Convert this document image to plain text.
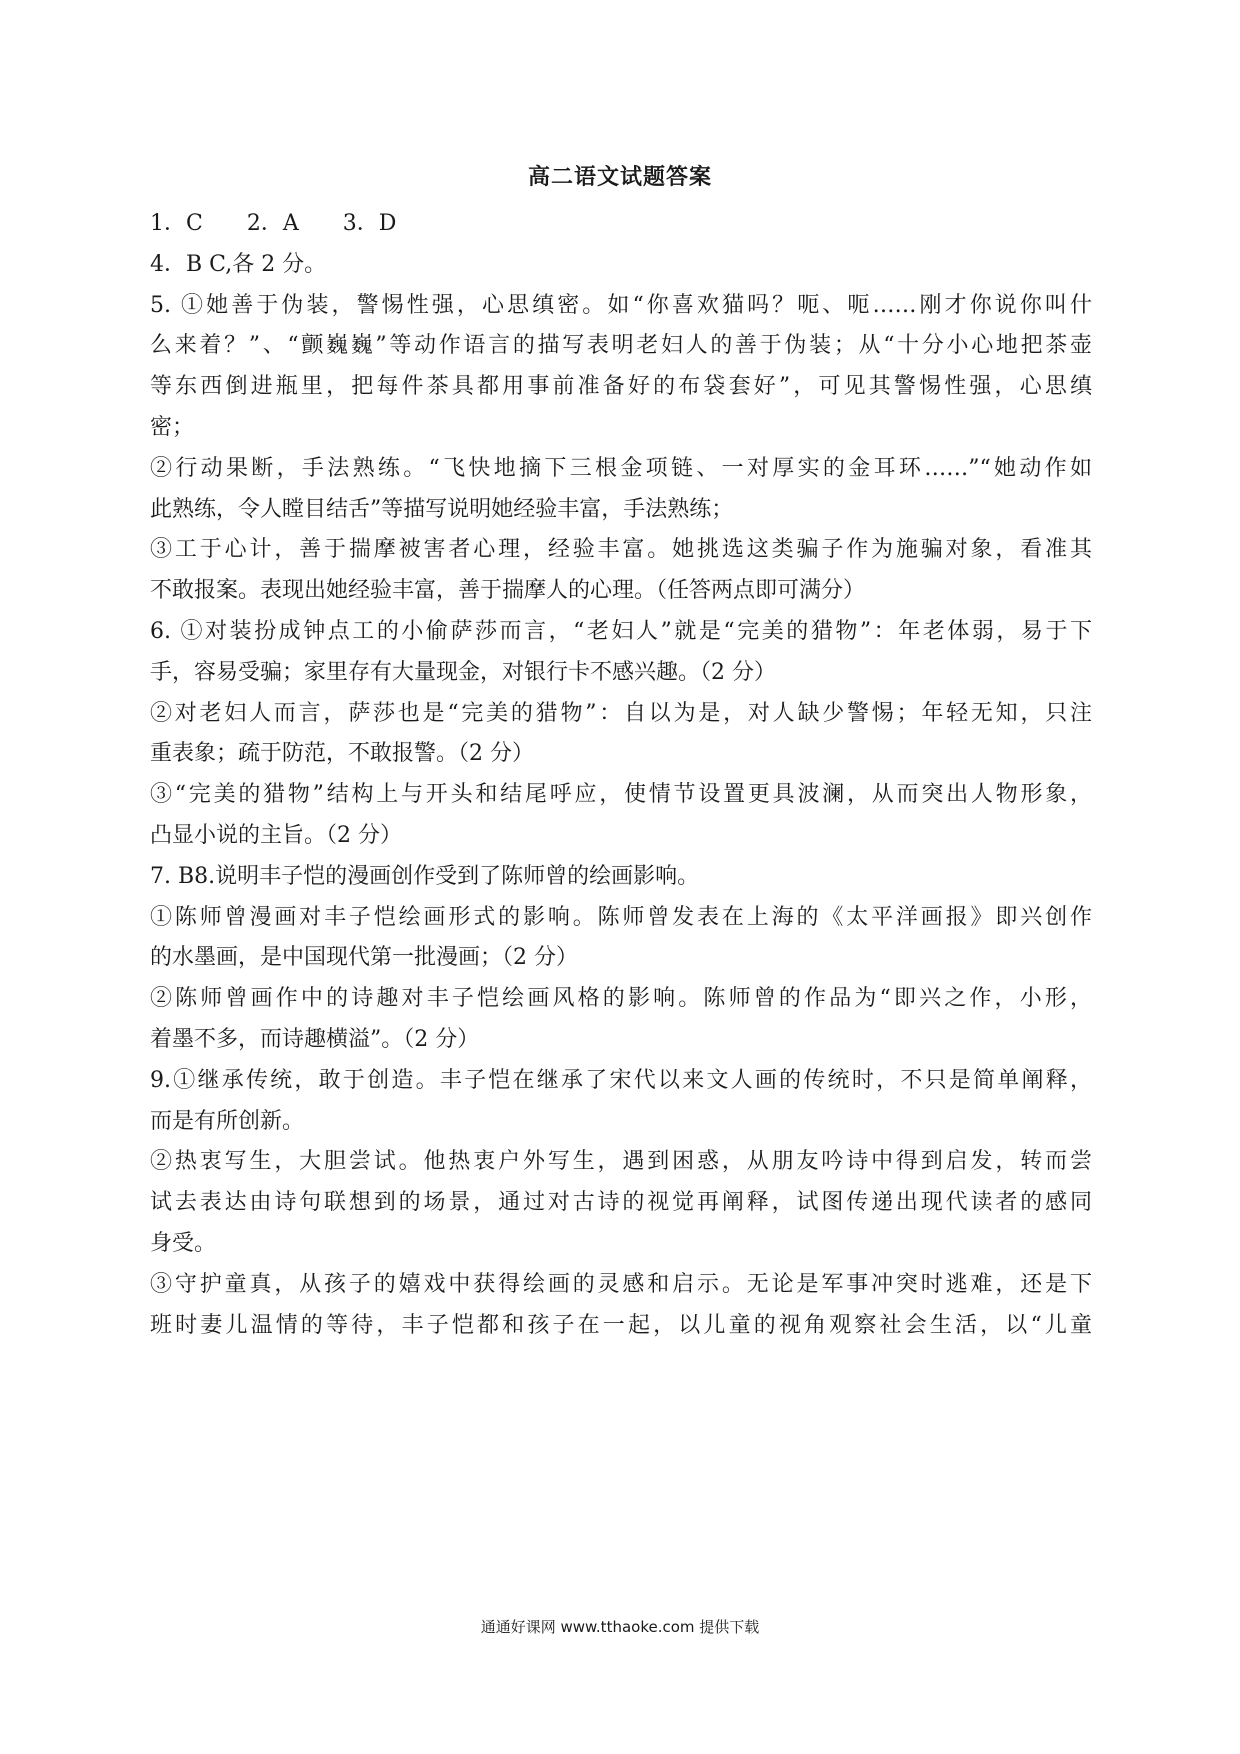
高二语文试题答案
1．C　　2．A　　3．D
4．B C,各 2 分。
5. ①她善于伪装，警惕性强，心思缜密。如“你喜欢猫吗？呃、呃……刚才你说你叫什
么来着？”、“颤巍巍”等动作语言的描写表明老妇人的善于伪装；从“十分小心地把茶壶
等东西倒进瓶里，把每件茶具都用事前准备好的布袋套好”，可见其警惕性强，心思缜
密；
②行动果断，手法熟练。“飞快地摘下三根金项链、一对厚实的金耳环……”“她动作如
此熟练，令人瞠目结舌”等描写说明她经验丰富，手法熟练；
③工于心计，善于揣摩被害者心理，经验丰富。她挑选这类骗子作为施骗对象，看准其
不敢报案。表现出她经验丰富，善于揣摩人的心理。（任答两点即可满分）
6. ①对装扮成钟点工的小偷萨莎而言，“老妇人”就是“完美的猎物”：年老体弱，易于下
手，容易受骗；家里存有大量现金，对银行卡不感兴趣。（2 分）
②对老妇人而言，萨莎也是“完美的猎物”：自以为是，对人缺少警惕；年轻无知，只注
重表象；疏于防范，不敢报警。（2 分）
③“完美的猎物”结构上与开头和结尾呼应，使情节设置更具波澜，从而突出人物形象，
凸显小说的主旨。（2 分）
7. B8.说明丰子恺的漫画创作受到了陈师曾的绘画影响。
①陈师曾漫画对丰子恺绘画形式的影响。陈师曾发表在上海的《太平洋画报》即兴创作
的水墨画，是中国现代第一批漫画；（2 分）
②陈师曾画作中的诗趣对丰子恺绘画风格的影响。陈师曾的作品为“即兴之作，小形，
着墨不多，而诗趣横溢”。（2 分）
9.①继承传统，敢于创造。丰子恺在继承了宋代以来文人画的传统时，不只是简单阐释，
而是有所创新。
②热衷写生，大胆尝试。他热衷户外写生，遇到困惑，从朋友吟诗中得到启发，转而尝
试去表达由诗句联想到的场景，通过对古诗的视觉再阐释，试图传递出现代读者的感同
身受。
③守护童真，从孩子的嬉戏中获得绘画的灵感和启示。无论是军事冲突时逃难，还是下
班时妻儿温情的等待，丰子恺都和孩子在一起，以儿童的视角观察社会生活，以“儿童
通通好课网 www.tthaoke.com 提供下载
